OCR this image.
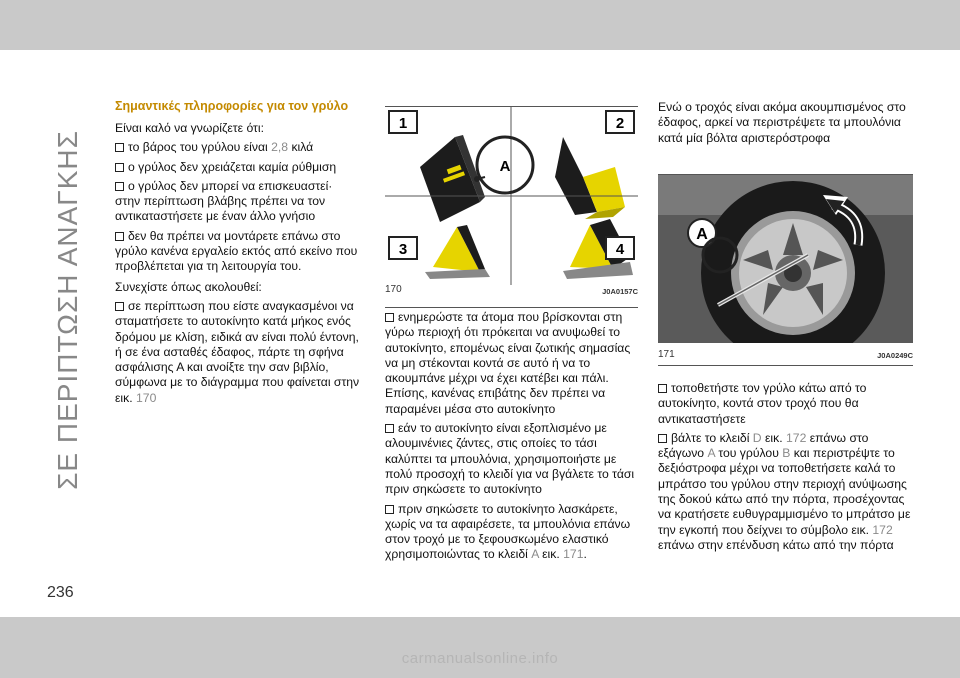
ΣΕ ΠΕΡΙΠΤΩΣΗ ΑΝΑΓΚΗΣ
Σημαντικές πληροφορίες για τον γρύλο

Είναι καλό να γνωρίζετε ότι:

το βάρος του γρύλου είναι 2,8 κιλά

ο γρύλος δεν χρειάζεται καμία ρύθμιση

ο γρύλος δεν μπορεί να επισκευαστεί· στην περίπτωση βλάβης πρέπει να τον αντικαταστήσετε με έναν άλλο γνήσιο

δεν θα πρέπει να μοντάρετε επάνω στο γρύλο κανένα εργαλείο εκτός από εκείνο που προβλέπεται για τη λειτουργία του.

Συνεχίστε όπως ακολουθεί:

σε περίπτωση που είστε αναγκασμένοι να σταματήσετε το αυτοκίνητο κατά μήκος ενός δρόμου με κλίση, ειδικά αν είναι πολύ έντονη, ή σε ένα ασταθές έδαφος, πάρτε τη σφήνα ασφάλισης Α και ανοίξτε την σαν βιβλίο, σύμφωνα με το διάγραμμα που φαίνεται στην εικ. 170

1	2
3	4
A
170	J0A0157C

ενημερώστε τα άτομα που βρίσκονται στη γύρω περιοχή ότι πρόκειται να ανυψωθεί το αυτοκίνητο, επομένως είναι ζωτικής σημασίας να μη στέκονται κοντά σε αυτό ή να το ακουμπάνε μέχρι να έχει κατέβει και πάλι. Επίσης, κανένας επιβάτης δεν πρέπει να παραμένει μέσα στο αυτοκίνητο

εάν το αυτοκίνητο είναι εξοπλισμένο με αλουμινένιες ζάντες, στις οποίες το τάσι καλύπτει τα μπουλόνια, χρησιμοποιήστε με πολύ προσοχή το κλειδί για να βγάλετε το τάσι πριν σηκώσετε το αυτοκίνητο

πριν σηκώσετε το αυτοκίνητο λασκάρετε, χωρίς να τα αφαιρέσετε, τα μπουλόνια επάνω στον τροχό με το ξεφουσκωμένο ελαστικό χρησιμοποιώντας το κλειδί A εικ. 171.

Ενώ ο τροχός είναι ακόμα ακουμπισμένος στο έδαφος, αρκεί να περιστρέψετε τα μπουλόνια κατά μία βόλτα αριστερόστροφα

A
171	J0A0249C

τοποθετήστε τον γρύλο κάτω από το αυτοκίνητο, κοντά στον τροχό που θα αντικαταστήσετε

βάλτε το κλειδί D εικ. 172 επάνω στο εξάγωνο A του γρύλου B και περιστρέψτε το δεξιόστροφα μέχρι να τοποθετήσετε καλά το μπράτσο του γρύλου στην περιοχή ανύψωσης της δοκού κάτω από την πόρτα, προσέχοντας να κρατήσετε ευθυγραμμισμένο το μπράτσο με την εγκοπή που δείχνει το σύμβολο εικ. 172 επάνω στην επένδυση κάτω από την πόρτα

236
carmanualsonline.info
